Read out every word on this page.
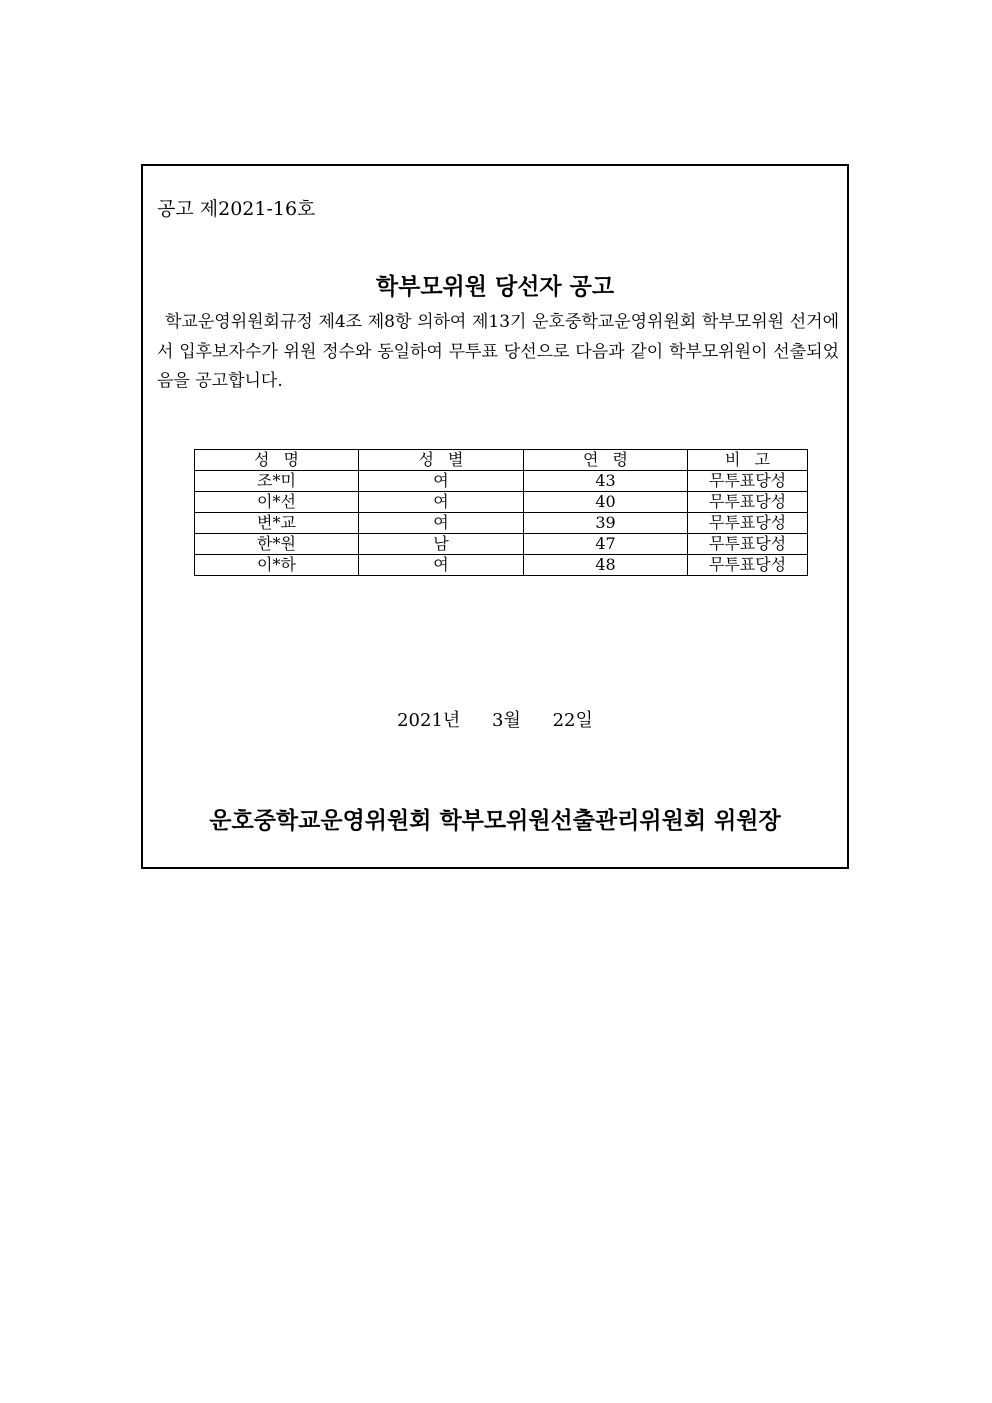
공고 제2021-16호
학부모위원 당선자 공고

학교운영위원회규정 제4조 제8항 의하여 제13기 운호중학교운영위원회 학부모위원 선거에서 입후보자수가 위원 정수와 동일하여 무투표 당선으로 다음과 같이 학부모위원이 선출되었음을 공고합니다.

성명	성별	연령	비고
조*미	여	43	무투표당성
이*선	여	40	무투표당성
변*교	여	39	무투표당성
한*원	남	47	무투표당성
이*하	여	48	무투표당성
2021년 3월 22일
운호중학교운영위원회 학부모위원선출관리위원회 위원장
